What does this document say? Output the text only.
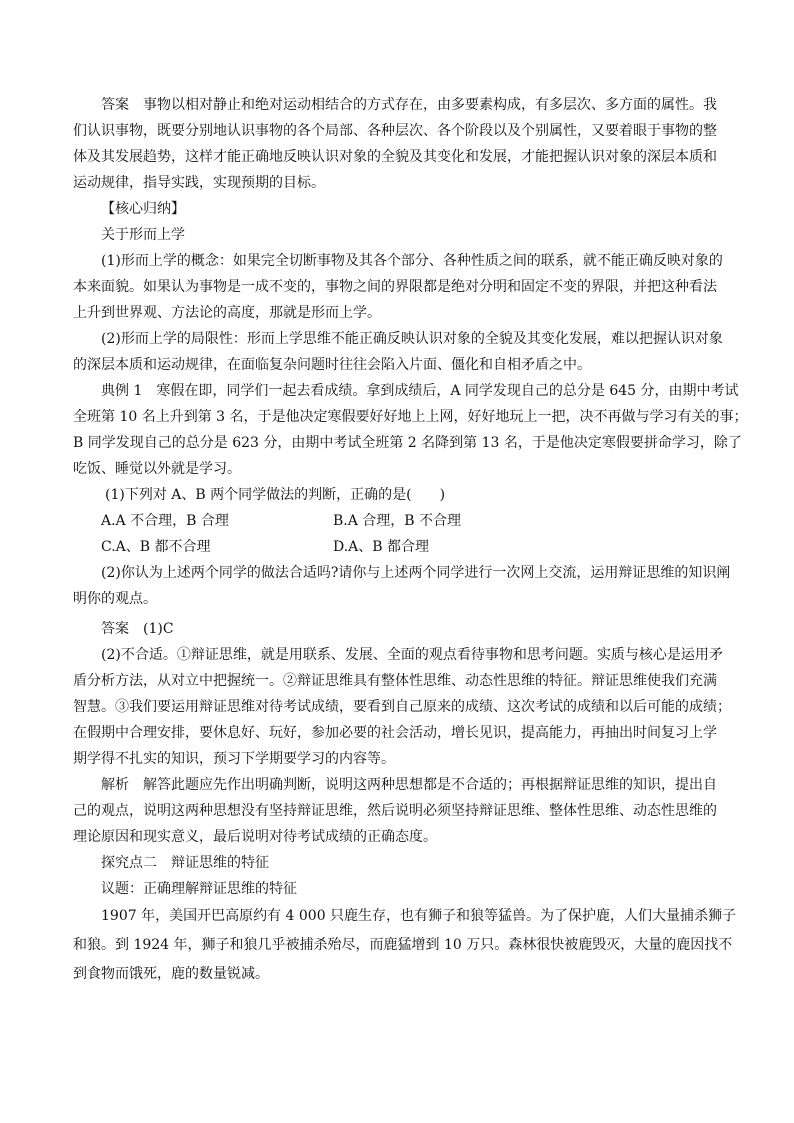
答案　事物以相对静止和绝对运动相结合的方式存在，由多要素构成，有多层次、多方面的属性。我
们认识事物，既要分别地认识事物的各个局部、各种层次、各个阶段以及个别属性，又要着眼于事物的整
体及其发展趋势，这样才能正确地反映认识对象的全貌及其变化和发展，才能把握认识对象的深层本质和
运动规律，指导实践，实现预期的目标。
【核心归纳】
关于形而上学
(1)形而上学的概念：如果完全切断事物及其各个部分、各种性质之间的联系，就不能正确反映对象的
本来面貌。如果认为事物是一成不变的，事物之间的界限都是绝对分明和固定不变的界限，并把这种看法
上升到世界观、方法论的高度，那就是形而上学。
(2)形而上学的局限性：形而上学思维不能正确反映认识对象的全貌及其变化发展，难以把握认识对象
的深层本质和运动规律，在面临复杂问题时往往会陷入片面、僵化和自相矛盾之中。
典例 1　寒假在即，同学们一起去看成绩。拿到成绩后，A 同学发现自己的总分是 645 分，由期中考试
全班第 10 名上升到第 3 名，于是他决定寒假要好好地上上网，好好地玩上一把，决不再做与学习有关的事；
B 同学发现自己的总分是 623 分，由期中考试全班第 2 名降到第 13 名，于是他决定寒假要拼命学习，除了
吃饭、睡觉以外就是学习。
(1)下列对 A、B 两个同学做法的判断，正确的是(　　)
A.A 不合理，B 合理	B.A 合理，B 不合理
C.A、B 都不合理	D.A、B 都合理
(2)你认为上述两个同学的做法合适吗?请你与上述两个同学进行一次网上交流，运用辩证思维的知识阐
明你的观点。
答案　(1)C
(2)不合适。①辩证思维，就是用联系、发展、全面的观点看待事物和思考问题。实质与核心是运用矛
盾分析方法，从对立中把握统一。②辩证思维具有整体性思维、动态性思维的特征。辩证思维使我们充满
智慧。③我们要运用辩证思维对待考试成绩，要看到自己原来的成绩、这次考试的成绩和以后可能的成绩；
在假期中合理安排，要休息好、玩好，参加必要的社会活动，增长见识，提高能力，再抽出时间复习上学
期学得不扎实的知识，预习下学期要学习的内容等。
解析　解答此题应先作出明确判断，说明这两种思想都是不合适的；再根据辩证思维的知识，提出自
己的观点，说明这两种思想没有坚持辩证思维，然后说明必须坚持辩证思维、整体性思维、动态性思维的
理论原因和现实意义，最后说明对待考试成绩的正确态度。
探究点二　辩证思维的特征
议题：正确理解辩证思维的特征
1907 年，美国开巴高原约有 4 000 只鹿生存，也有狮子和狼等猛兽。为了保护鹿，人们大量捕杀狮子
和狼。到 1924 年，狮子和狼几乎被捕杀殆尽，而鹿猛增到 10 万只。森林很快被鹿毁灭，大量的鹿因找不
到食物而饿死，鹿的数量锐减。
